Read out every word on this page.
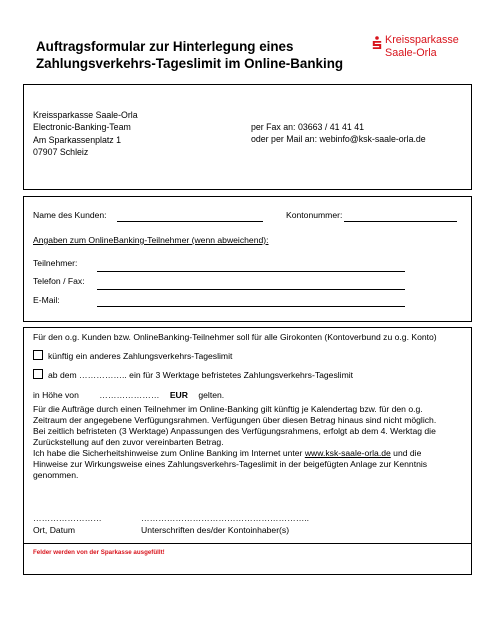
Auftragsformular zur Hinterlegung eines
Zahlungsverkehrs-Tageslimit im Online-Banking
Kreissparkasse
Saale-Orla
Kreissparkasse Saale-Orla
Electronic-Banking-Team
Am Sparkassenplatz 1
07907 Schleiz
per Fax an: 03663 / 41 41 41
oder per Mail an: webinfo@ksk-saale-orla.de
Name des Kunden:	Kontonummer:
Angaben zum OnlineBanking-Teilnehmer (wenn abweichend):
Teilnehmer:
Telefon / Fax:
E-Mail:
Für den o.g. Kunden bzw. OnlineBanking-Teilnehmer soll für alle Girokonten (Kontoverbund zu o.g. Konto)
künftig ein anderes Zahlungsverkehrs-Tageslimit
ab dem …………….. ein für 3 Werktage befristetes Zahlungsverkehrs-Tageslimit
in Höhe von ………………… EUR gelten.
Für die Aufträge durch einen Teilnehmer im Online-Banking gilt künftig je Kalendertag bzw. für den o.g.
Zeitraum der angegebene Verfügungsrahmen. Verfügungen über diesen Betrag hinaus sind nicht möglich.
Bei zeitlich befristeten (3 Werktage) Anpassungen des Verfügungsrahmens, erfolgt ab dem 4. Werktag die
Zurückstellung auf den zuvor vereinbarten Betrag.
Ich habe die Sicherheitshinweise zum Online Banking im Internet unter www.ksk-saale-orla.de und die
Hinweise zur Wirkungsweise eines Zahlungsverkehrs-Tageslimit in der beigefügten Anlage zur Kenntnis
genommen.
……………………	…………………………………………………..
Ort, Datum	Unterschriften des/der Kontoinhaber(s)
Felder werden von der Sparkasse ausgefüllt!
